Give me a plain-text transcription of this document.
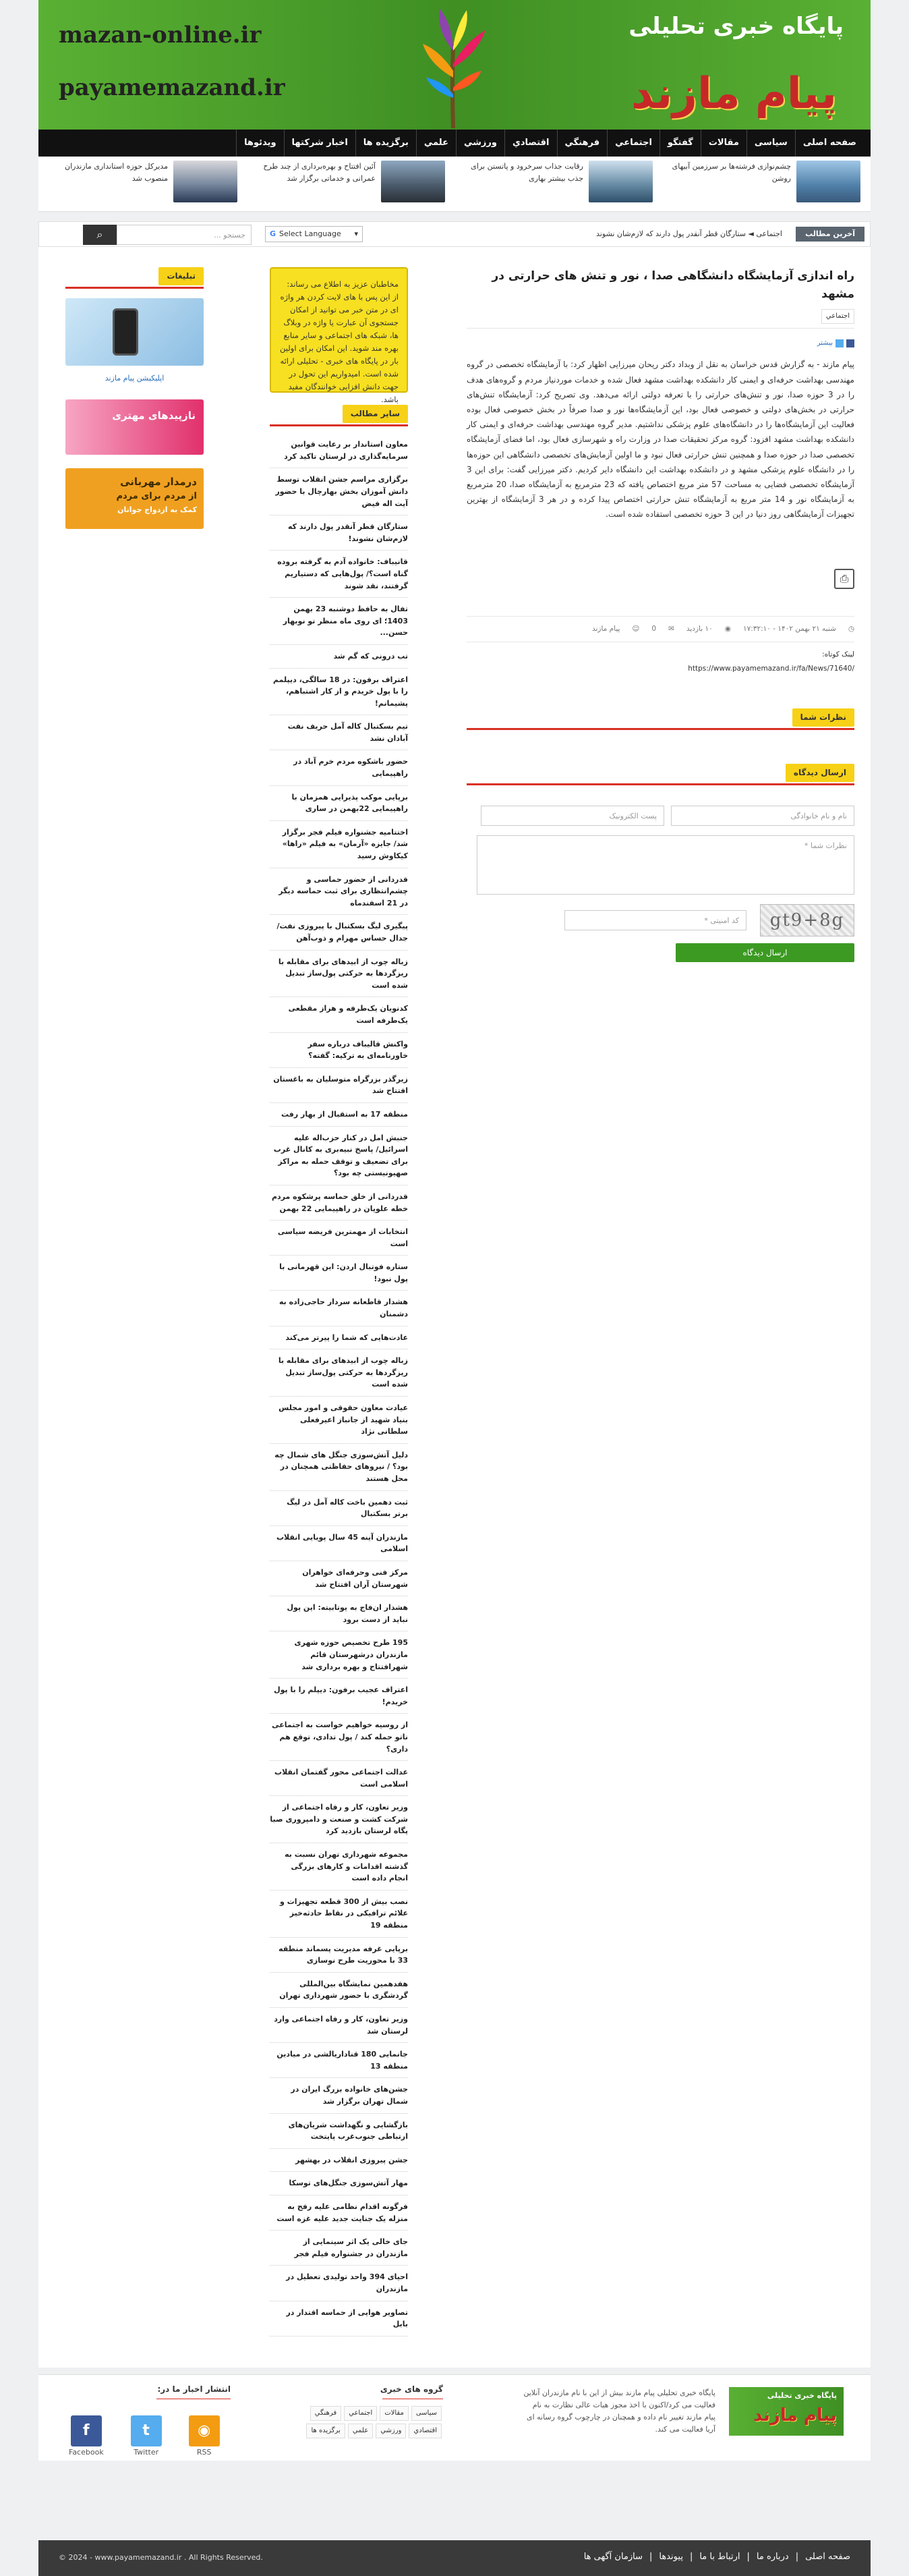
mazan-online.ir
payamemazand.ir
پایگاه خبری تحلیلی
پیام مازند
صفحه اصلی
سیاسی
مقالات
گفتگو
اجتماعي
فرهنگي
اقتصادي
ورزشي
علمي
برگزیده ها
اخبار شرکتها
ویدئوها
چشم‌نوازی‌ فرشته‌ها بر سرزمین آبیهای روشن
رقابت جذاب سرخرود و پاتستن برای جذب بیشتر بهاری
آئین افتتاح و بهره‌برداری از چند طرح عمرانی و خدماتی برگزار شد
مدیرکل حوزه استانداری مازندران منصوب شد
آخرین مطالب
اجتماعی ◄ ستارگان قطر آنقدر پول دارند که لازم‌شان نشوند
G Select Language ▾
جستجو ...
⌕
تبلیغات
اپلیکیشن پیام مازند
نازپیدهای مهتری
درمدار مهربانی
از مردم برای مردم
کمک به ازدواج جوانان
مخاطبان عزیز به اطلاع می رساند: از این پس با های لایت کردن هر واژه ای در متن خبر می توانید از امکان جستجوی آن عبارت یا واژه در وبلاگ ها، شبکه های اجتماعی و سایر منابع بهره مند شوید. این امکان برای اولین بار در پایگاه های خبری - تحلیلی ارائه شده است. امیدواریم این تحول در جهت دانش افزایی خوانندگان مفید باشد.
سایر مطالب
معاون استاندار بر رعایت قوانین سرمایه‌گذاری در لرستان تاکید کرد
برگزاری مراسم جشن انقلاب توسط دانش آموزان بخش بهارچال با حضور آیت اله فیض
ستارگان قطر آنقدر پول دارند که لازم‌شان نشوند!
قانیباف: خانواده آدم به گرفته بروده گناه است؟/ پول‌هایی که دستیاریم گرفتند، نقد شوند
تفال به حافظ دوشنبه 23 بهمن 1403؛ ای روی ماه منظر تو نوبهار حسن...
تب درونی که گم شد
اعتراف برفون: در 18 سالگی، دیپلمم را با پول خریدم و از کار اشتباهم، پشیمانم!
تیم بسکتبال کاله آمل حریف نفت آبادان نشد
حضور باشکوه مردم خرم آباد در راهپیمایی
برپایی موکب پذیرایی همزمان با راهپیمایی 22بهمن در ساری
اختتامیه جشنواره فیلم فجر برگزار شد/ جایزه «آرمان» به فیلم «راها» کیکاوش رسید
قدردانی از حضور حماسی و چشم‌انتظاری برای ثبت حماسه دیگر در 21 اسفندماه
پیگیری لیگ بسکتبال با پیروزی نفت/ جدال حساس مهرام و ذوب‌آهن
زباله چوب از ابیدهای برای مقابله با ریزگردها به حرکتی پول‌ساز تبدیل شده است
کدنویان یک‌طرفه و هراز مقطعی یک‌طرفه است
واکنش قالیباف درباره سفر خاورنامه‌ای به ترکیه: گفته؟
زیرگذر بزرگراه متوسلیان به باغستان افتتاح شد
منطقه 17 به استقبال از بهار رفت
جنبش امل در کنار حزب‌اله علیه اسرائیل/ پاسخ نبیه‌بری به کانال غرب برای تضعیف و توقف حمله به مراکز صهیونیستی چه بود؟
قدردانی از خلق حماسه پرشکوه مردم خطه علویان در راهپیمایی 22 بهمن
انتخابات از مهمترین فریضه سیاسی است
ستاره فوتبال اردن: این قهرمانی با پول نبود!
هشدار قاطعانه سردار حاجی‌زاده به دشمنان
عادت‌هایی که شما را پیرتر می‌کند
زباله چوب از ابیدهای برای مقابله با ریزگردها به حرکتی پول‌ساز تبدیل شده است
عیادت معاون حقوقی و امور مجلس بنیاد شهید از جانباز اعیرفعلی سلطانی نژاد
دلیل آتش‌سوزی جنگل های شمال چه بود؟ / نیروهای حفاظتی همچنان در محل هستند
ثبت دهمین باخت کاله آمل در لیگ برتر بسکتبال
مازندران آینه 45 سال پویایی انقلاب اسلامی
مرکز فنی وحرفه‌ای خواهران شهرستان آران افتتاح شد
هشدار ان‌فاج به یوتابیته: این پول نباید از دست برود
195 طرح تخصیص حوزه شهری مازندران درشهرستان قائم شهرافتتاح و بهره برداری شد
اعتراف عجیب برفون: دیپلم را با پول خریدم!
از روسیه خواهیم خواست به اجتماعی ناتو حمله کند / پول تدادی، توقع هم داری؟
عدالت اجتماعی محور گفتمان انقلاب اسلامی است
وزیر تعاون، کار و رفاه اجتماعی از شرکت کشت و صنعت و دامپروری صبا پگاه لرستان بازدید کرد
مجموعه شهرداری تهران نسبت به گذشته اقدامات و کارهای بزرگی انجام داده است
نصب بیش از 300 قطعه تجهیزات و علائم ترافیکی در نقاط حادثه‌خیز منطقه 19
برپایی غرفه مدیریت پسماند منطقه 33 با محوریت طرح نوسازی
هفدهمین نمایشگاه بین‌المللی گردشگری با حضور شهرداری تهران
وزیر تعاون، کار و رفاه اجتماعی وارد لرستان شد
جانمایی 180 قناداریالشی در میادین منطقه 13
جشن‌های خانواده بزرگ ایران در شمال تهران برگزار شد
بازگشایی و نگهداشت شریان‌های ارتباطی جنوب‌غرب پایتخت
جشن پیروزی انقلاب در بهشهر
مهار آتش‌سوزی جنگل‌های توسکا
فرگونه اقدام نظامی علیه رفح به منزله یک جنایت جدید علیه غزه است
جای خالی یک اثر سینمایی از مازندران در جشنواره فیلم فجر
احیای 394 واحد تولیدی تعطیل در مازندران
تصاویر هوایی از حماسه اقتدار در بابل
راه اندازی آزمایشگاه دانشگاهی صدا ، نور و تنش های حرارتی در مشهد
اجتماعي
بیشتر
پیام مازند - به گزارش قدس خراسان به نقل از وبداد دکتر ریحان میرزایی اظهار کرد: با آزمایشگاه تخصصی در گروه مهندسی بهداشت حرفه‌ای و ایمنی کار دانشکده بهداشت مشهد فعال شده و خدمات موردنیاز مردم و گروه‌های هدف را در 3 حوزه صدا، نور و تنش‌های حرارتی را با تعرفه دولتی ارائه می‌دهد. وی تصریح کرد: آزمایشگاه تنش‌های حرارتی در بخش‌های دولتی و خصوصی فعال بود، این آزمایشگاه‌ها نور و صدا صرفاً در بخش خصوصی فعال بوده فعالیت این آزمایشگاه‌ها را در دانشگاه‌های علوم پزشکی نداشتیم. مدیر گروه مهندسی بهداشت حرفه‌ای و ایمنی کار دانشکده بهداشت مشهد افزود: گروه مرکز تحقیقات صدا در وزارت راه و شهرسازی فعال بود، اما فضای آزمایشگاه تخصصی صدا در حوزه صدا و همچنین تنش حرارتی فعال نبود و ما اولین آزمایش‌های تخصصی دانشگاهی این حوزه‌ها را در دانشگاه علوم پزشکی مشهد و در دانشکده بهداشت این دانشگاه دایر کردیم. دکتر میرزایی گفت: برای این 3 آزمایشگاه تخصصی فضایی به مساحت 57 متر مربع اختصاص یافته که 23 مترمربع به آزمایشگاه صدا، 20 مترمربع به آزمایشگاه نور و 14 متر مربع به آزمایشگاه تنش حرارتی اختصاص پیدا کرده و در هر 3 آزمایشگاه از بهترین تجهیزات آزمایشگاهی روز دنیا در این 3 حوزه تخصصی استفاده شده است.
⎙
◷
شنبه ۲۱ بهمن ۱۴۰۲ - ۱۷:۳۲:۱۰
◉
۱۰ بازدید
✉
0
☺
پیام مازند
لینک کوتاه:
https://www.payamemazand.ir/fa/News/71640/
نظرات شما
ارسال دیدگاه
نام و نام خانوادگی
پست الکترونیک
نظرات شما *
gt9+8g
کد امنیتی *
ارسال دیدگاه
پایگاه خبری تحلیلی
پیام مازند
پایگاه خبری تحلیلی پیام مازند بیش از این با نام مازندران آنلاین فعالیت می کرد/اکنون با اخذ مجوز هیات عالی نظارت به نام پیام مازند تغییر نام داده و همچنان در چارچوب گروه رسانه ای آریا فعالیت می کند.
گروه های خبری
سیاسیمقالاتاجتماعيفرهنگياقتصاديورزشيعلميبرگزیده ها
انتشار اخبار ما در:
f
Facebook
t
Twitter
◉
RSS
صفحه اصلی
|
درباره ما
|
ارتباط با ما
|
پیوندها
|
سازمان آگهی ها
© 2024 - www.payamemazand.ir . All Rights Reserved.
